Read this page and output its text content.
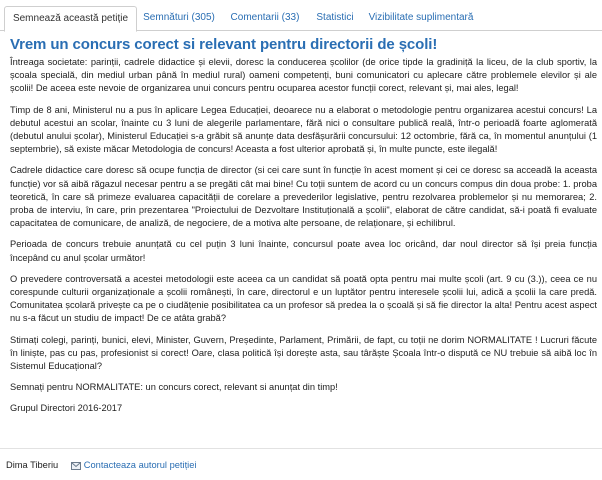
Semnează această petiție	Semnături (305)	Comentarii (33)	Statistici	Vizibilitate suplimentară
Vrem un concurs corect si relevant pentru directorii de școli!

Întreaga societate: parinții, cadrele didactice și elevii, doresc la conducerea școlilor (de orice tipde la gradiniță la liceu, de la club sportiv, la școala specială, din mediul urban până în mediul rural) oameni competenți, buni comunicatori cu aplecare către problemele elevilor și ale școlii! De aceea este nevoie de organizarea unui concurs pentru ocuparea acestor funcții corect, relevant și, mai ales, legal!

Timp de 8 ani, Ministerul nu a pus în aplicare Legea Educației, deoarece nu a elaborat o metodologie pentru organizarea acestui concurs! La debutul acestui an scolar, înainte cu 3 luni de alegerile parlamentare, fără nici o consultare publică reală, într-o perioadă foarte aglomerată (debutul anului școlar), Ministerul Educației s-a grăbit să anunțe data desfășurării concursului: 12 octombrie, fără ca, în momentul anunțului (1 septembrie), să existe măcar Metodologia de concurs! Aceasta a fost ulterior aprobată și, în multe puncte, este ilegală!

Cadrele didactice care doresc să ocupe funcția de director (si cei care sunt în funcție în acest moment și cei ce doresc sa acceadă la aceasta funcție) vor să aibă răgazul necesar pentru a se pregăti cât mai bine! Cu toții suntem de acord cu un concurs compus din doua probe: 1. proba teoretică, în care să primeze evaluarea capacității de corelare a prevederilor legislative, pentru rezolvarea problemelor și nu memorarea; 2. proba de interviu, în care, prin prezentarea "Proiectului de Dezvoltare Instituțională a școlii", elaborat de către candidat, să-i poată fi evaluate capacitatea de comunicare, de analiză, de negociere, de a motiva alte persoane, de relaționare, și echilibrul.

Perioada de concurs trebuie anunțată cu cel puțin 3 luni înainte, concursul poate avea loc oricând, dar noul director să își preia funcția începând cu anul școlar următor!

O prevedere controversată a acestei metodologii este aceea ca un candidat să poată opta pentru mai multe școli (art. 9 cu (3.)), ceea ce nu corespunde culturii organizaționale a școlii românești, în care, directorul e un luptător pentru interesele școlii lui, adică a școlii la care predă. Comunitatea școlară privește ca pe o ciudățenie posibilitatea ca un profesor să predea la o școală și să fie director la alta! Pentru acest aspect nu s-a făcut un studiu de impact! De ce atâta grabă?

Stimați colegi, parinți, bunici, elevi, Minister, Guvern, Președinte, Parlament, Primării, de fapt, cu toții ne dorim NORMALITATE ! Lucruri făcute în liniște, pas cu pas, profesionist si corect! Oare, clasa politică își dorește asta, sau târăște Școala într-o dispută ce NU trebuie să aibă loc în Sistemul Educațional?

Semnați pentru NORMALITATE: un concurs corect, relevant si anunțat din timp!

Grupul Directori 2016-2017

Dima Tiberiu	Contacteaza autorul petiției
